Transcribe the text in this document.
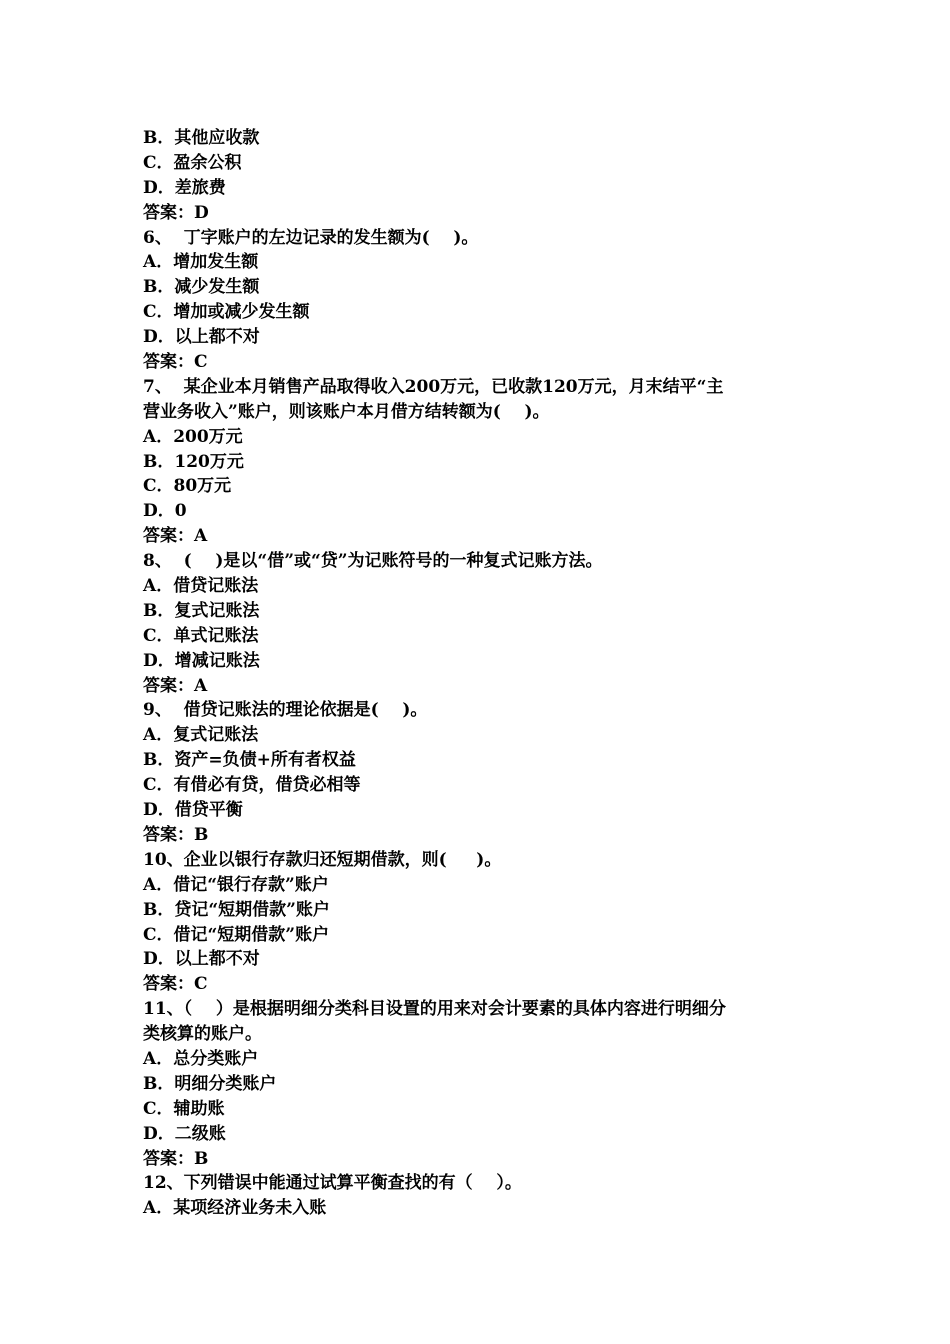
B．其他应收款
C．盈余公积
D．差旅费
答案：D
6、  丁字账户的左边记录的发生额为(    )。
A．增加发生额
B．减少发生额
C．增加或减少发生额
D．以上都不对
答案：C
7、  某企业本月销售产品取得收入200万元，已收款120万元，月末结平“主
营业务收入”账户，则该账户本月借方结转额为(    )。
A．200万元
B．120万元
C．80万元
D．0
答案：A
8、  (    )是以“借”或“贷”为记账符号的一种复式记账方法。
A．借贷记账法
B．复式记账法
C．单式记账法
D．增减记账法
答案：A
9、  借贷记账法的理论依据是(    )。
A．复式记账法
B．资产=负债+所有者权益
C．有借必有贷，借贷必相等
D．借贷平衡
答案：B
10、企业以银行存款归还短期借款，则(     )。
A．借记“银行存款”账户
B．贷记“短期借款”账户
C．借记“短期借款”账户
D．以上都不对
答案：C
11、（    ）是根据明细分类科目设置的用来对会计要素的具体内容进行明细分
类核算的账户。
A．总分类账户
B．明细分类账户
C．辅助账
D．二级账
答案：B
12、下列错误中能通过试算平衡查找的有（    ）。
A．某项经济业务未入账
